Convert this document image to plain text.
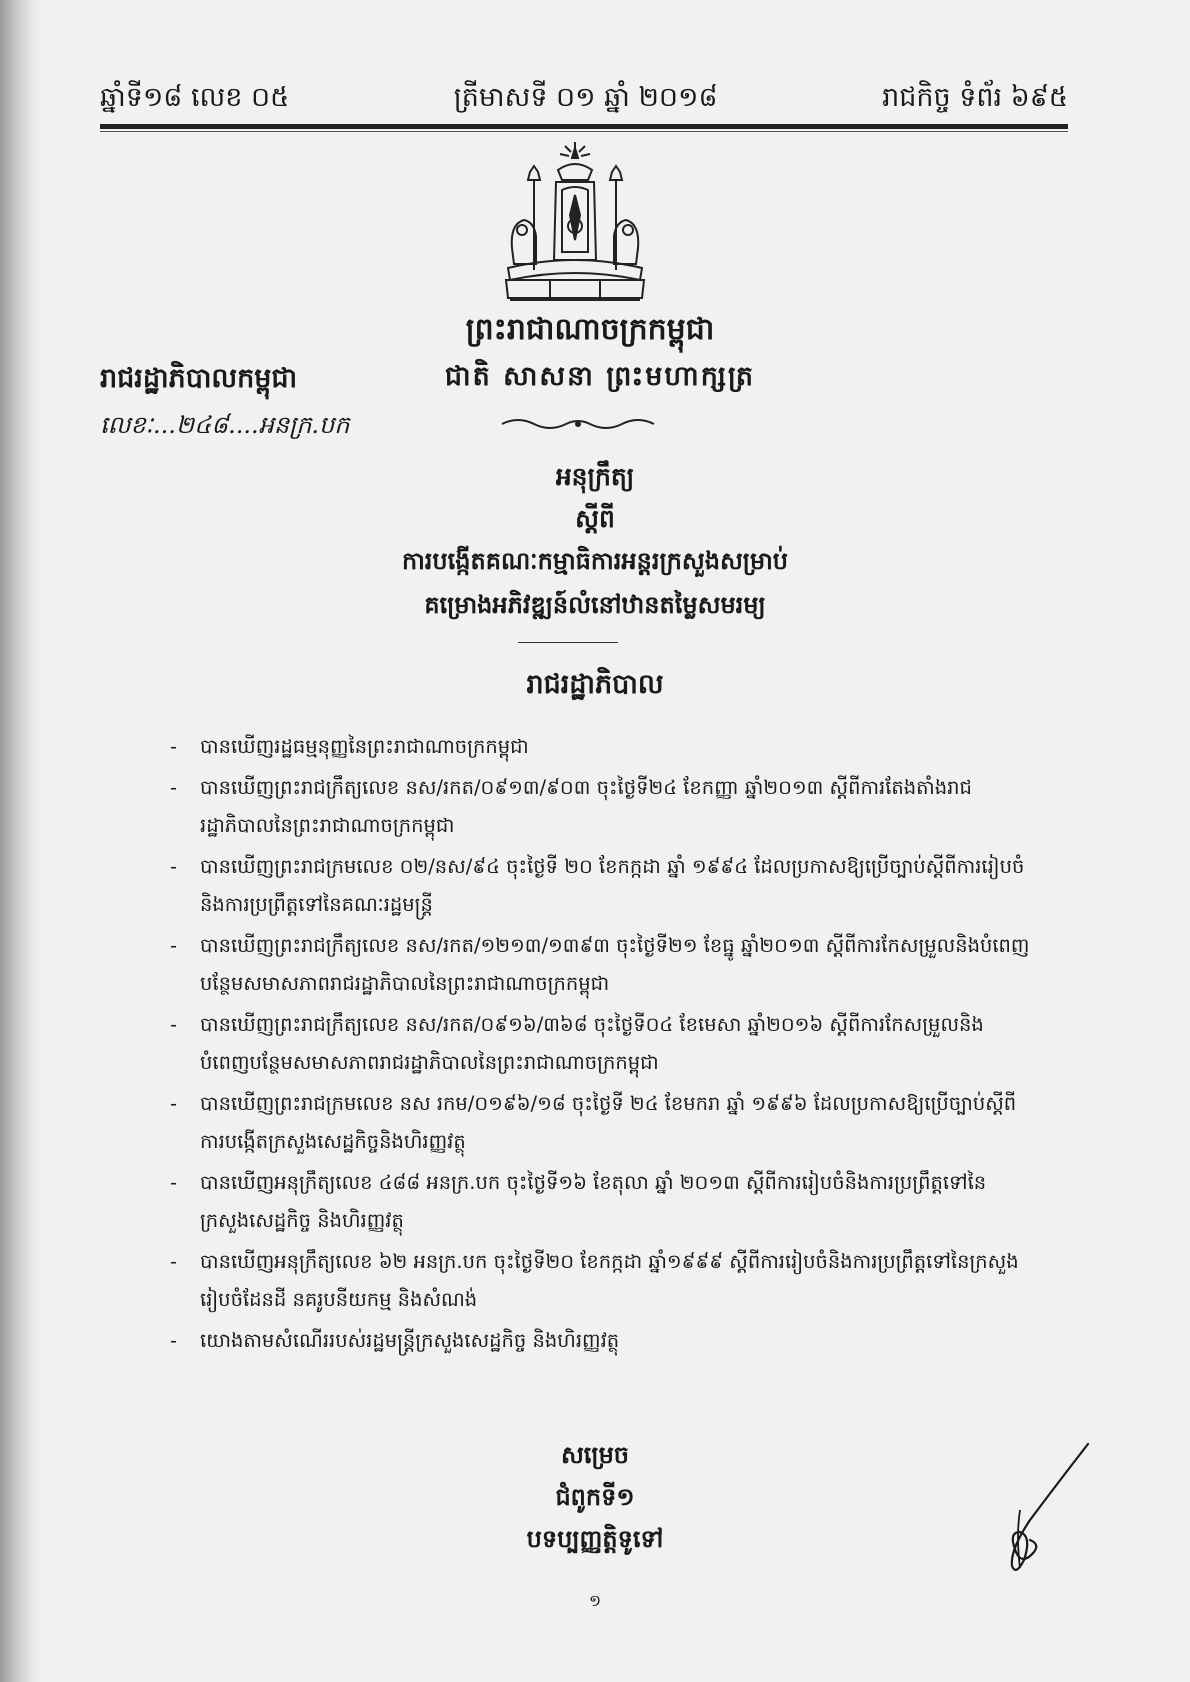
ឆ្នាំទី១៨ លេខ ០៥	ត្រីមាសទី ០១ ឆ្នាំ ២០១៨	រាជកិច្ច ទំព័រ ៦៩៥
ព្រះរាជាណាចក្រកម្ពុជា
រាជរដ្ឋាភិបាលកម្ពុជា	ជាតិ សាសនា ព្រះមហាក្សត្រ
លេខៈ...២៤៨....អនក្រ.បក
អនុក្រឹត្យ
ស្តីពី
ការបង្កើតគណៈកម្មាធិការអន្តរក្រសួងសម្រាប់
គម្រោងអភិវឌ្ឍន៍លំនៅឋានតម្លៃសមរម្យ
រាជរដ្ឋាភិបាល
- បានឃើញរដ្ឋធម្មនុញ្ញនៃព្រះរាជាណាចក្រកម្ពុជា
- បានឃើញព្រះរាជក្រឹត្យលេខ នស/រកត/០៩១៣/៩០៣ ចុះថ្ងៃទី២៤ ខែកញ្ញា ឆ្នាំ២០១៣ ស្តីពីការតែងតាំងរាជរដ្ឋាភិបាលនៃព្រះរាជាណាចក្រកម្ពុជា
- បានឃើញព្រះរាជក្រមលេខ ០២/នស/៩៤ ចុះថ្ងៃទី ២០ ខែកក្កដា ឆ្នាំ ១៩៩៤ ដែលប្រកាសឱ្យប្រើច្បាប់ស្តីពីការរៀបចំនិងការប្រព្រឹត្តទៅនៃគណៈរដ្ឋមន្ត្រី
- បានឃើញព្រះរាជក្រឹត្យលេខ នស/រកត/១២១៣/១៣៩៣ ចុះថ្ងៃទី២១ ខែធ្នូ ឆ្នាំ២០១៣ ស្តីពីការកែសម្រួលនិងបំពេញបន្ថែមសមាសភាពរាជរដ្ឋាភិបាលនៃព្រះរាជាណាចក្រកម្ពុជា
- បានឃើញព្រះរាជក្រឹត្យលេខ នស/រកត/០៩១៦/៣៦៨ ចុះថ្ងៃទី០៤ ខែមេសា ឆ្នាំ២០១៦ ស្តីពីការកែសម្រួលនិងបំពេញបន្ថែមសមាសភាពរាជរដ្ឋាភិបាលនៃព្រះរាជាណាចក្រកម្ពុជា
- បានឃើញព្រះរាជក្រមលេខ នស រកម/០១៩៦/១៨ ចុះថ្ងៃទី ២៤ ខែមករា ឆ្នាំ ១៩៩៦ ដែលប្រកាសឱ្យប្រើច្បាប់ស្តីពីការបង្កើតក្រសួងសេដ្ឋកិច្ចនិងហិរញ្ញវត្ថុ
- បានឃើញអនុក្រឹត្យលេខ ៤៨៨ អនក្រ.បក ចុះថ្ងៃទី១៦ ខែតុលា ឆ្នាំ ២០១៣ ស្តីពីការរៀបចំនិងការប្រព្រឹត្តទៅនៃក្រសួងសេដ្ឋកិច្ច និងហិរញ្ញវត្ថុ
- បានឃើញអនុក្រឹត្យលេខ ៦២ អនក្រ.បក ចុះថ្ងៃទី២០ ខែកក្កដា ឆ្នាំ១៩៩៩ ស្តីពីការរៀបចំនិងការប្រព្រឹត្តទៅនៃក្រសួងរៀបចំដែនដី នគរូបនីយកម្ម និងសំណង់
- យោងតាមសំណើររបស់រដ្ឋមន្ត្រីក្រសួងសេដ្ឋកិច្ច និងហិរញ្ញវត្ថុ
សម្រេច
ជំពូកទី១
បទប្បញ្ញត្តិទូទៅ
១
